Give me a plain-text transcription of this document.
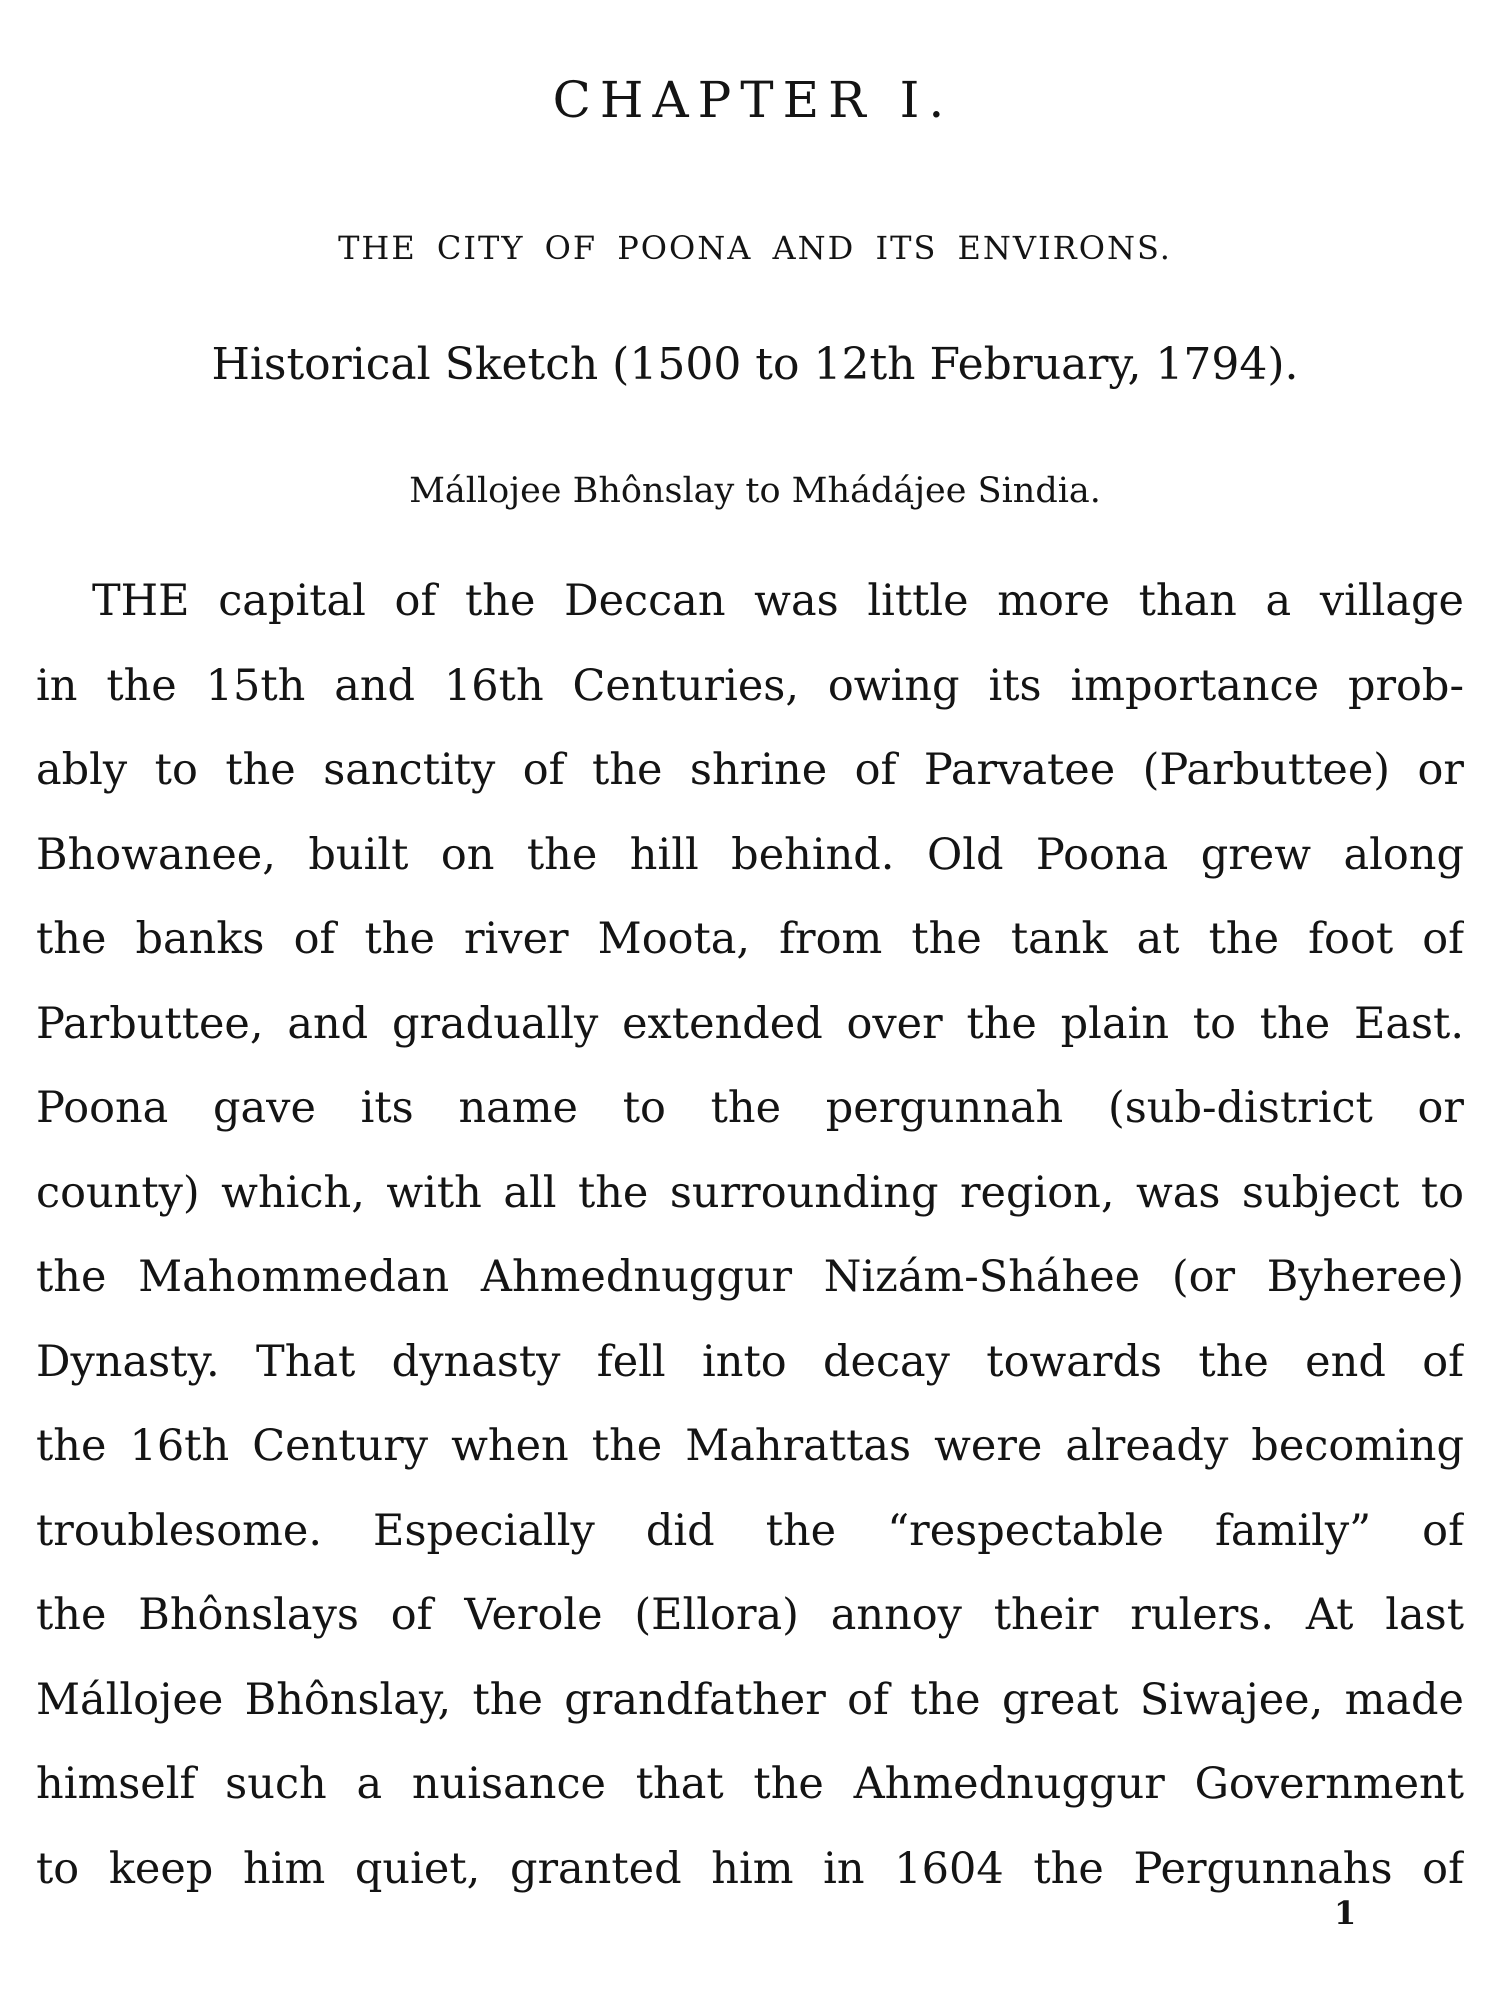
CHAPTER I.
THE CITY OF POONA AND ITS ENVIRONS.
Historical Sketch (1500 to 12th February, 1794).
Mállojee Bhônslay to Mhádájee Sindia.
THE capital of the Deccan was little more than a village
in the 15th and 16th Centuries, owing its importance prob-
ably to the sanctity of the shrine of Parvatee (Parbuttee) or
Bhowanee, built on the hill behind. Old Poona grew along
the banks of the river Moota, from the tank at the foot of
Parbuttee, and gradually extended over the plain to the East.
Poona gave its name to the pergunnah (sub-district or
county) which, with all the surrounding region, was subject to
the Mahommedan Ahmednuggur Nizám-Sháhee (or Byheree)
Dynasty. That dynasty fell into decay towards the end of
the 16th Century when the Mahrattas were already becoming
troublesome. Especially did the “respectable family” of
the Bhônslays of Verole (Ellora) annoy their rulers. At last
Mállojee Bhônslay, the grandfather of the great Siwajee, made
himself such a nuisance that the Ahmednuggur Government
to keep him quiet, granted him in 1604 the Pergunnahs of
1
